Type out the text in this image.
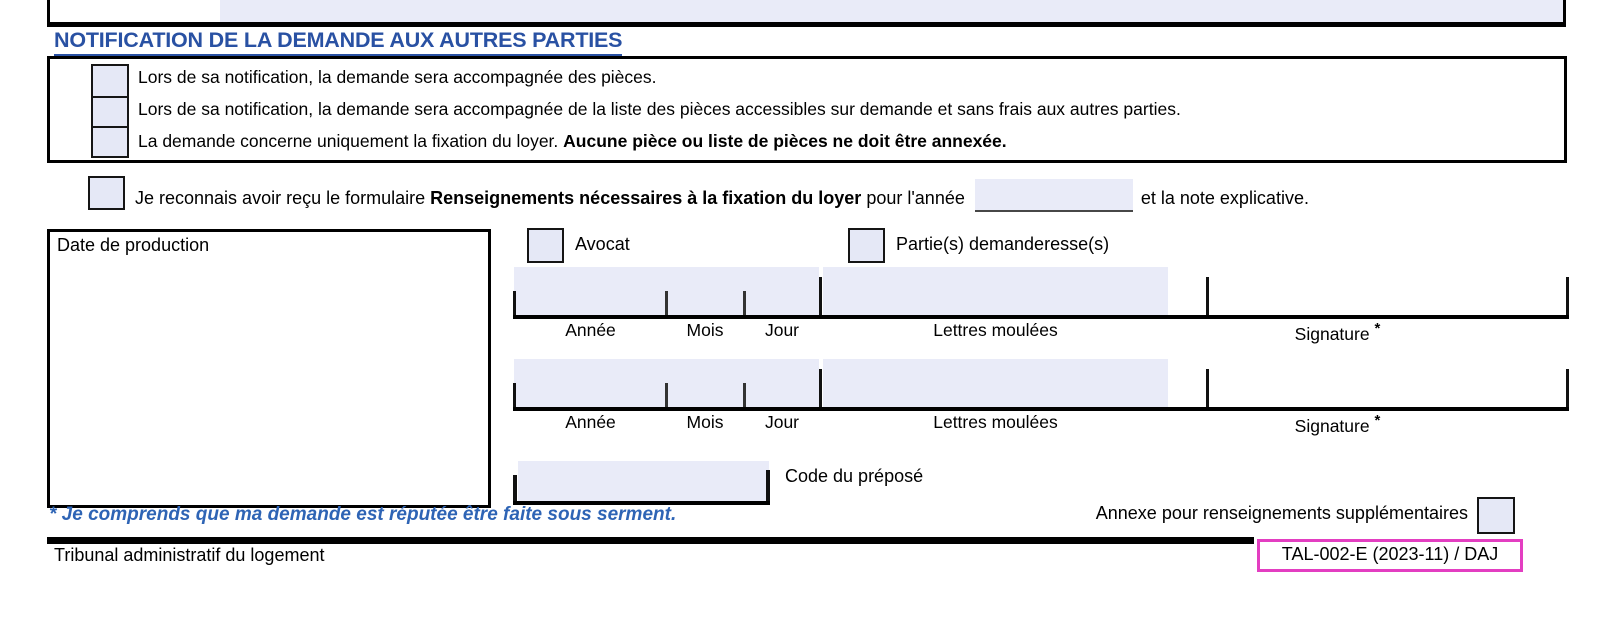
NOTIFICATION DE LA DEMANDE AUX AUTRES PARTIES
Lors de sa notification, la demande sera accompagnée des pièces.
Lors de sa notification, la demande sera accompagnée de la liste des pièces accessibles sur demande et sans frais aux autres parties.
La demande concerne uniquement la fixation du loyer. Aucune pièce ou liste de pièces ne doit être annexée.
Je reconnais avoir reçu le formulaire Renseignements nécessaires à la fixation du loyer pour l'année	et la note explicative.
Date de production	Avocat	Partie(s) demanderesse(s)
Année	Mois	Jour	Lettres moulées	Signature *
Année	Mois	Jour	Lettres moulées	Signature *
Code du préposé
* Je comprends que ma demande est réputée être faite sous serment.	Annexe pour renseignements supplémentaires
Tribunal administratif du logement	TAL-002-E (2023-11) / DAJ
